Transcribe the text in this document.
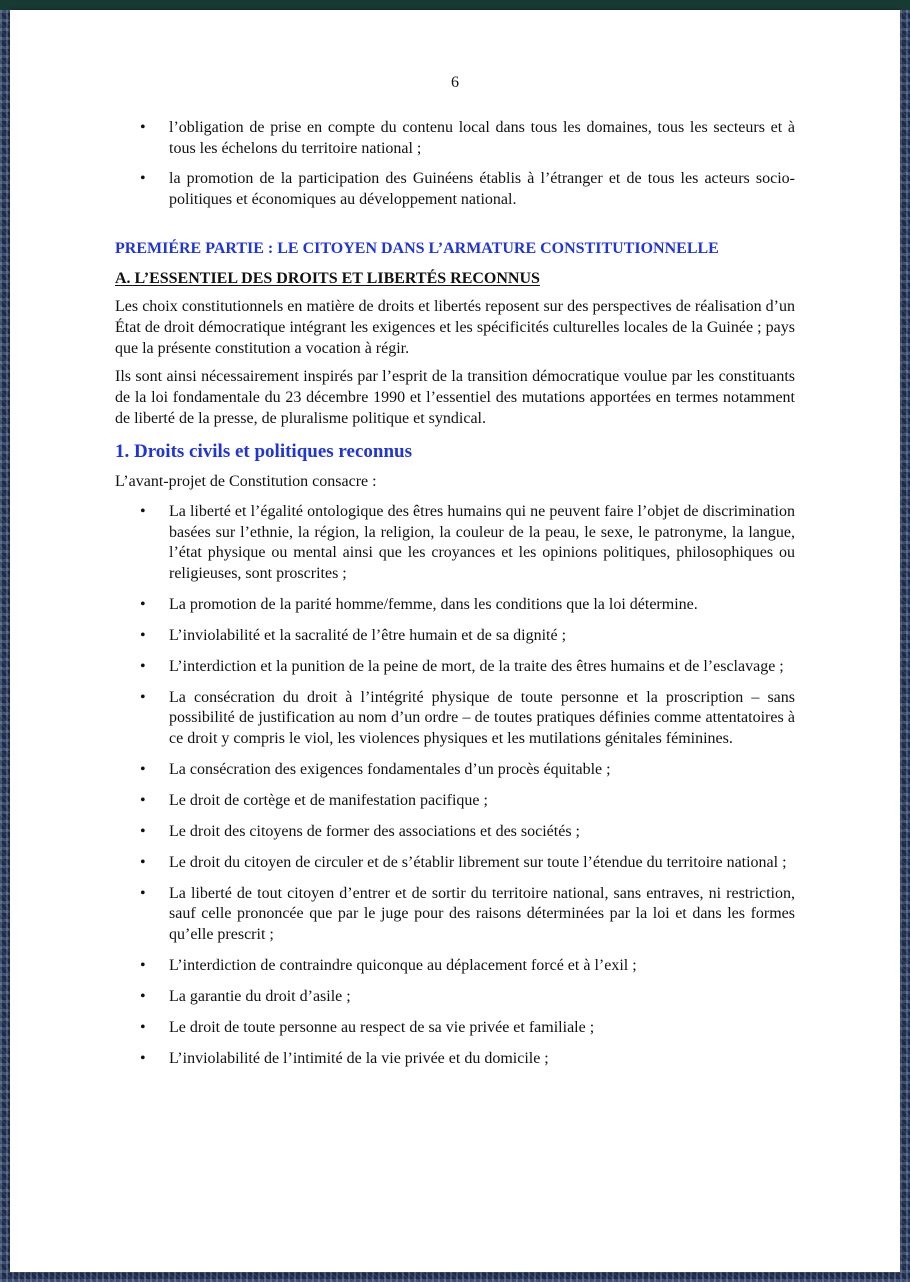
6
• l’obligation de prise en compte du contenu local dans tous les domaines, tous les secteurs et à tous les échelons du territoire national ;
• la promotion de la participation des Guinéens établis à l’étranger et de tous les acteurs socio-politiques et économiques au développement national.
PREMIÉRE PARTIE : LE CITOYEN DANS L’ARMATURE CONSTITUTIONNELLE
A. L’ESSENTIEL DES DROITS ET LIBERTÉS RECONNUS

Les choix constitutionnels en matière de droits et libertés reposent sur des perspectives de réalisation d’un État de droit démocratique intégrant les exigences et les spécificités culturelles locales de la Guinée ; pays que la présente constitution a vocation à régir.

Ils sont ainsi nécessairement inspirés par l’esprit de la transition démocratique voulue par les constituants de la loi fondamentale du 23 décembre 1990 et l’essentiel des mutations apportées en termes notamment de liberté de la presse, de pluralisme politique et syndical.

1. Droits civils et politiques reconnus

L’avant-projet de Constitution consacre :

• La liberté et l’égalité ontologique des êtres humains qui ne peuvent faire l’objet de discrimination basées sur l’ethnie, la région, la religion, la couleur de la peau, le sexe, le patronyme, la langue, l’état physique ou mental ainsi que les croyances et les opinions politiques, philosophiques ou religieuses, sont proscrites ;
• La promotion de la parité homme/femme, dans les conditions que la loi détermine.
• L’inviolabilité et la sacralité de l’être humain et de sa dignité ;
• L’interdiction et la punition de la peine de mort, de la traite des êtres humains et de l’esclavage ;
• La consécration du droit à l’intégrité physique de toute personne et la proscription – sans possibilité de justification au nom d’un ordre – de toutes pratiques définies comme attentatoires à ce droit y compris le viol, les violences physiques et les mutilations génitales féminines.
• La consécration des exigences fondamentales d’un procès équitable ;
• Le droit de cortège et de manifestation pacifique ;
• Le droit des citoyens de former des associations et des sociétés ;
• Le droit du citoyen de circuler et de s’établir librement sur toute l’étendue du territoire national ;
• La liberté de tout citoyen d’entrer et de sortir du territoire national, sans entraves, ni restriction, sauf celle prononcée que par le juge pour des raisons déterminées par la loi et dans les formes qu’elle prescrit ;
• L’interdiction de contraindre quiconque au déplacement forcé et à l’exil ;
• La garantie du droit d’asile ;
• Le droit de toute personne au respect de sa vie privée et familiale ;
• L’inviolabilité de l’intimité de la vie privée et du domicile ;
